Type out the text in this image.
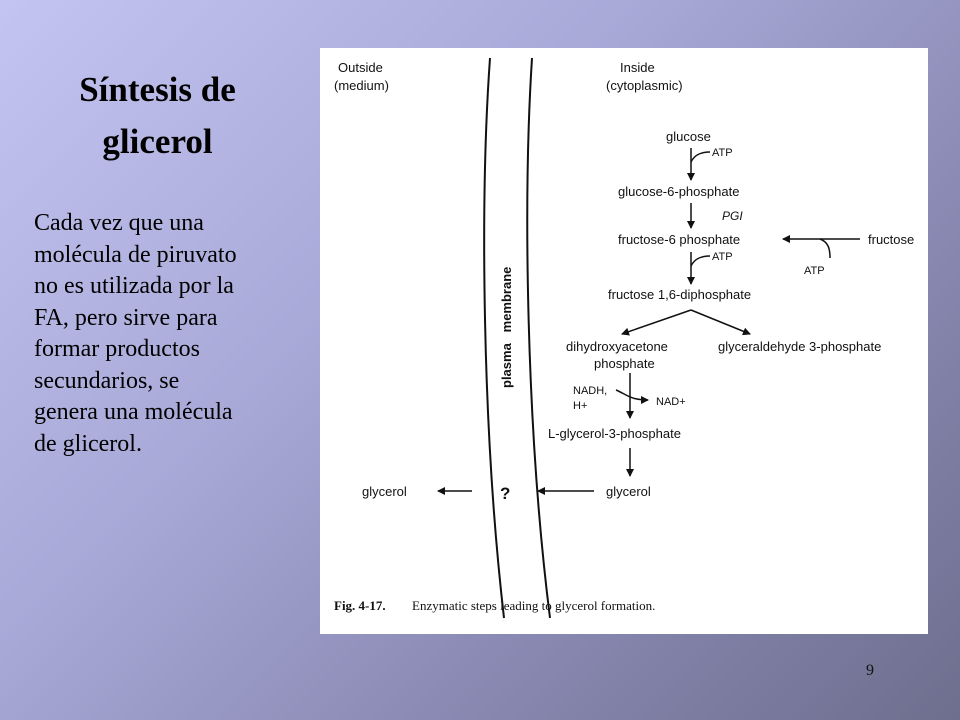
Síntesis de
glicerol
Cada vez que una
molécula de piruvato
no es utilizada por la
FA, pero sirve para
formar productos
secundarios, se
genera una molécula
de glicerol.
plasma   membrane
Outside
(medium)
Inside
(cytoplasmic)
glucose
ATP
glucose-6-phosphate
PGI
fructose-6 phosphate	fructose
ATP
ATP
fructose 1,6-diphosphate
dihydroxyacetone
phosphate
glyceraldehyde 3-phosphate
NADH,
H+	NAD+
L-glycerol-3-phosphate
glycerol
?
glycerol
Fig. 4-17. Enzymatic steps leading to glycerol formation.
9
